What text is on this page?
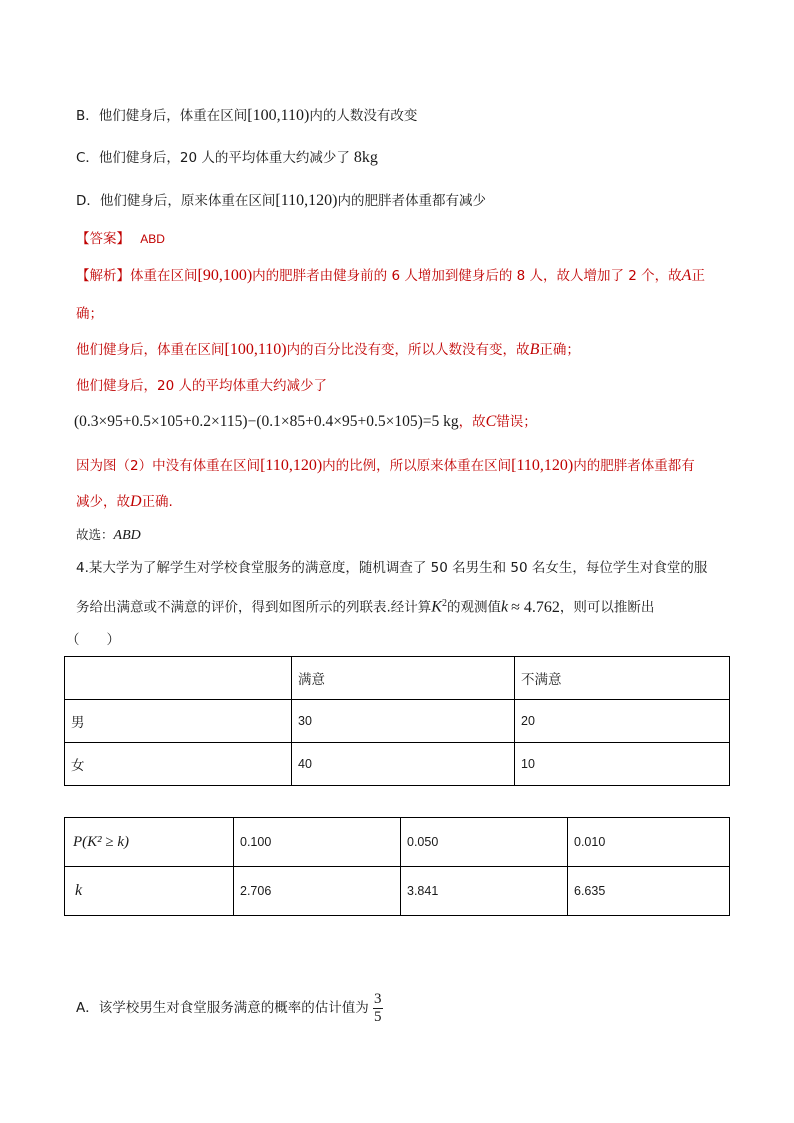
B．他们健身后，体重在区间[100,110)内的人数没有改变
C．他们健身后，20 人的平均体重大约减少了 8kg
D．他们健身后，原来体重在区间[110,120)内的肥胖者体重都有减少
【答案】 ABD
【解析】体重在区间[90,100)内的肥胖者由健身前的 6 人增加到健身后的 8 人，故人增加了 2 个，故A正
确；
他们健身后，体重在区间[100,110)内的百分比没有变，所以人数没有变，故B正确；
他们健身后，20 人的平均体重大约减少了
(0.3×95+0.5×105+0.2×115)−(0.1×85+0.4×95+0.5×105)=5 kg，故C错误；
因为图（2）中没有体重在区间[110,120)内的比例，所以原来体重在区间[110,120)内的肥胖者体重都有
减少，故D正确.
故选：ABD
4.某大学为了解学生对学校食堂服务的满意度，随机调查了 50 名男生和 50 名女生，每位学生对食堂的服
务给出满意或不满意的评价，得到如图所示的列联表.经计算$K^2$的观测值k ≈ 4.762，则可以推断出
（　　）
	满意	不满意
男	30	20
女	40	10
P(K² ≥ k)	0.100	0.050	0.010
k	2.706	3.841	6.635
A．该学校男生对食堂服务满意的概率的估计值为 $\frac{3}{5}$
